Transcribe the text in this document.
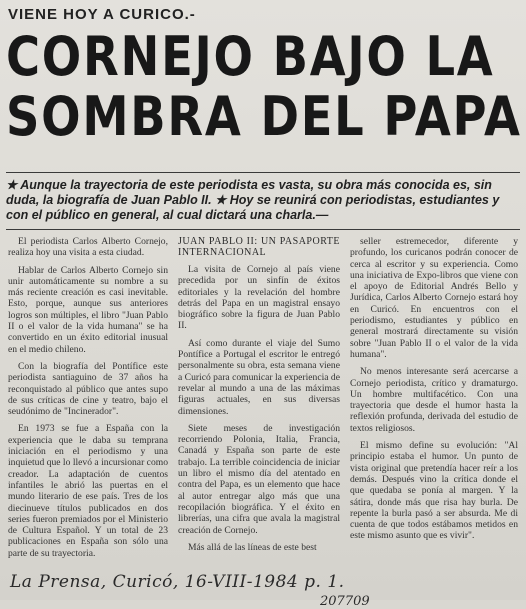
VIENE HOY A CURICO.-
CORNEJO BAJO LA
SOMBRA DEL PAPA
★ Aunque la trayectoria de este periodista es vasta, su obra más conocida es, sin duda, la biografía de Juan Pablo II. ★ Hoy se reunirá con periodistas, estudiantes y con el público en general, al cual dictará una charla.—

El periodista Carlos Alberto Cornejo, realiza hoy una visita a esta ciudad.

Hablar de Carlos Alberto Cornejo sin unir automáticamente su nombre a su más reciente creación es casi inevitable. Esto, porque, aunque sus anteriores logros son múltiples, el libro "Juan Pablo II o el valor de la vida humana" se ha convertido en un éxito editorial inusual en el medio chileno.

Con la biografía del Pontífice este periodista santiaguino de 37 años ha reconquistado al público que antes supo de sus críticas de cine y teatro, bajo el seudónimo de "Incinerador".

En 1973 se fue a España con la experiencia que le daba su temprana iniciación en el periodismo y una inquietud que lo llevó a incursionar como creador. La adaptación de cuentos infantiles le abrió las puertas en el mundo literario de ese país. Tres de los diecinueve títulos publicados en dos series fueron premiados por el Ministerio de Cultura Español. Y un total de 23 publicaciones en España son sólo una parte de su trayectoria.

JUAN PABLO II: UN PASAPORTE INTERNACIONAL

La visita de Cornejo al país viene precedida por un sinfín de éxitos editoriales y la revelación del hombre detrás del Papa en un magistral ensayo biográfico sobre la figura de Juan Pablo II.

Así como durante el viaje del Sumo Pontífice a Portugal el escritor le entregó personalmente su obra, esta semana viene a Curicó para comunicar la experiencia de revelar al mundo a una de las máximas figuras actuales, en sus diversas dimensiones.

Siete meses de investigación recorriendo Polonia, Italia, Francia, Canadá y España son parte de este trabajo. La terrible coincidencia de iniciar un libro el mismo día del atentado en contra del Papa, es un elemento que hace al autor entregar algo más que una recopilación biográfica. Y el éxito en librerías, una cifra que avala la magistral creación de Cornejo.

Más allá de las líneas de este best

seller estremecedor, diferente y profundo, los curicanos podrán conocer de cerca al escritor y su experiencia. Como una iniciativa de Expo-libros que viene con el apoyo de Editorial Andrés Bello y Jurídica, Carlos Alberto Cornejo estará hoy en Curicó. En encuentros con el periodismo, estudiantes y público en general mostrará directamente su visión sobre "Juan Pablo II o el valor de la vida humana".

No menos interesante será acercarse a Cornejo periodista, crítico y dramaturgo. Un hombre multifacético. Con una trayectoria que desde el humor hasta la reflexión profunda, derivada del estudio de textos religiosos.

El mismo define su evolución: "Al principio estaba el humor. Un punto de vista original que pretendía hacer reír a los demás. Después vino la crítica donde el que quedaba se ponía al margen. Y la sátira, donde más que risa hay burla. De repente la burla pasó a ser absurda. Me di cuenta de que todos estábamos metidos en este mismo asunto que es vivir".

La Prensa, Curicó, 16-VIII-1984 p. 1.
207709
